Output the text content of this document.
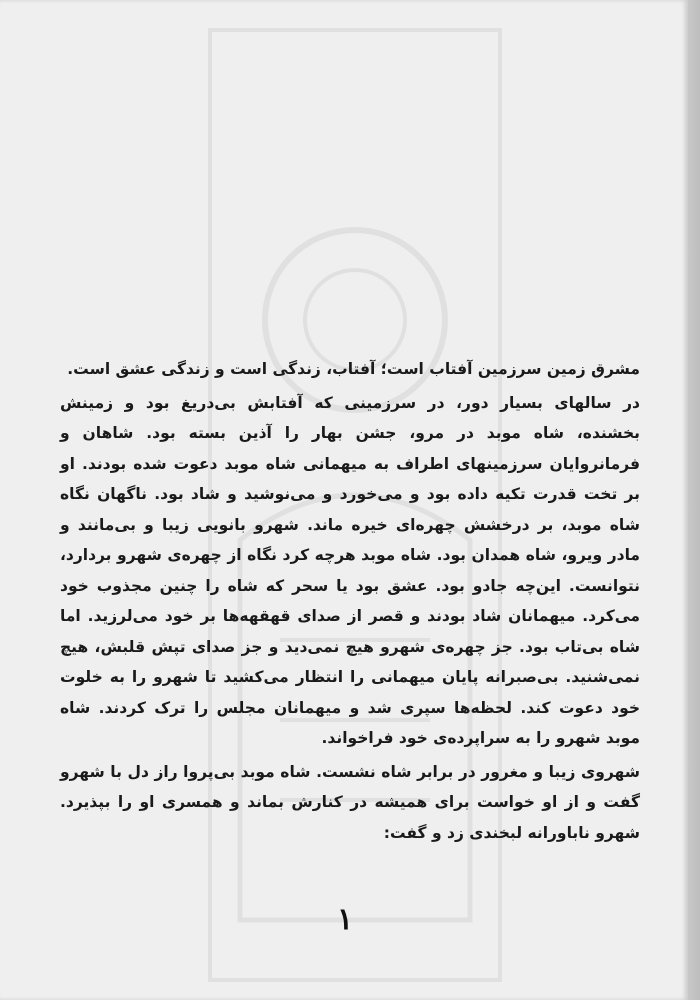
مشرق زمین سرزمین آفتاب است؛ آفتاب، زندگی است و زندگی عشق است.

در سالهای بسیار دور، در سرزمینی که آفتابش بی‌دریغ بود و زمینش بخشنده، شاه موبد در مرو، جشن بهار را آذین بسته بود. شاهان و فرمانروایان سرزمینهای اطراف به میهمانی شاه موبد دعوت شده بودند. او بر تخت قدرت تکیه داده بود و می‌خورد و می‌نوشید و شاد بود. ناگهان نگاه شاه موبد، بر درخشش چهره‌ای خیره ماند. شهرو بانویی زیبا و بی‌مانند و مادر ویرو، شاه همدان بود. شاه موبد هرچه کرد نگاه از چهره‌ی شهرو بردارد، نتوانست. این‌چه جادو بود. عشق بود یا سحر که شاه را چنین مجذوب خود می‌کرد. میهمانان شاد بودند و قصر از صدای قهقهه‌ها بر خود می‌لرزید. اما شاه بی‌تاب بود. جز چهره‌ی شهرو هیچ نمی‌دید و جز صدای تپش قلبش، هیچ نمی‌شنید. بی‌صبرانه پایان میهمانی را انتظار می‌کشید تا شهرو را به خلوت خود دعوت کند. لحظه‌ها سپری شد و میهمانان مجلس را ترک کردند. شاه موبد شهرو را به سراپرده‌ی خود فراخواند.

شهروی زیبا و مغرور در برابر شاه نشست. شاه موبد بی‌پروا راز دل با شهرو گفت و از او خواست برای همیشه در کنارش بماند و همسری او را بپذیرد. شهرو ناباورانه لبخندی زد و گفت:

١
